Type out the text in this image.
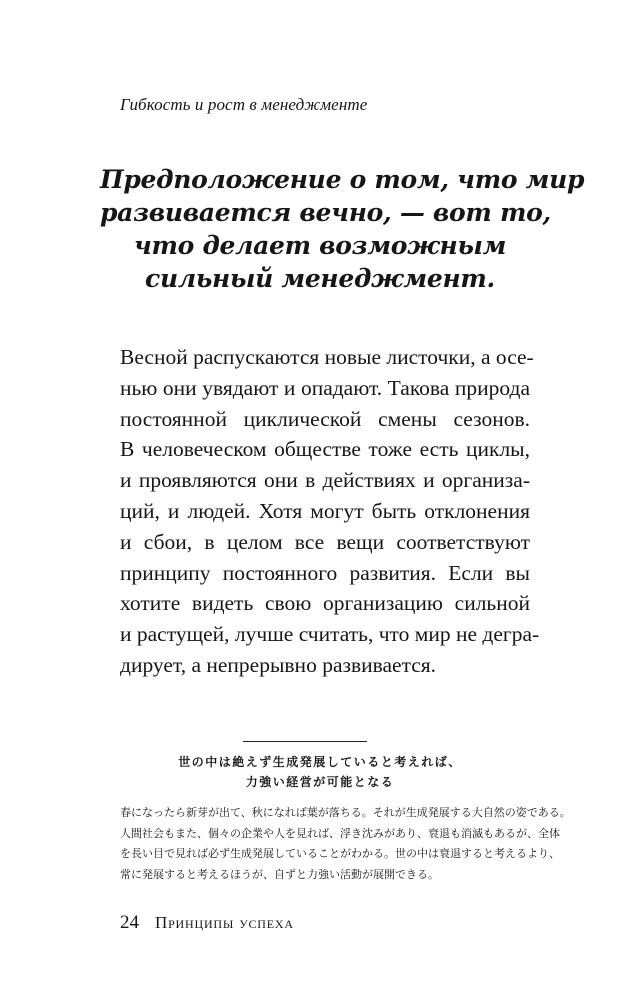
Гибкость и рост в менеджменте
Предположение о том, что мир
развивается вечно, — вот то,
что делает возможным
сильный менеджмент.
Весной распускаются новые листочки, а осе-
нью они увядают и опадают. Такова природа
постоянной циклической смены сезонов.
В человеческом обществе тоже есть циклы,
и проявляются они в действиях и организа-
ций, и людей. Хотя могут быть отклонения
и сбои, в целом все вещи соответствуют
принципу постоянного развития. Если вы
хотите видеть свою организацию сильной
и растущей, лучше считать, что мир не дегра-
дирует, а непрерывно развивается.
世の中は絶えず生成発展していると考えれば、
力強い経営が可能となる
春になったら新芽が出て、秋になれば葉が落ちる。それが生成発展する大自然の姿である。
人間社会もまた、個々の企業や人を見れば、浮き沈みがあり、衰退も消滅もあるが、全体
を長い目で見れば必ず生成発展していることがわかる。世の中は衰退すると考えるより、
常に発展すると考えるほうが、自ずと力強い活動が展開できる。
24 Принципы успеха
